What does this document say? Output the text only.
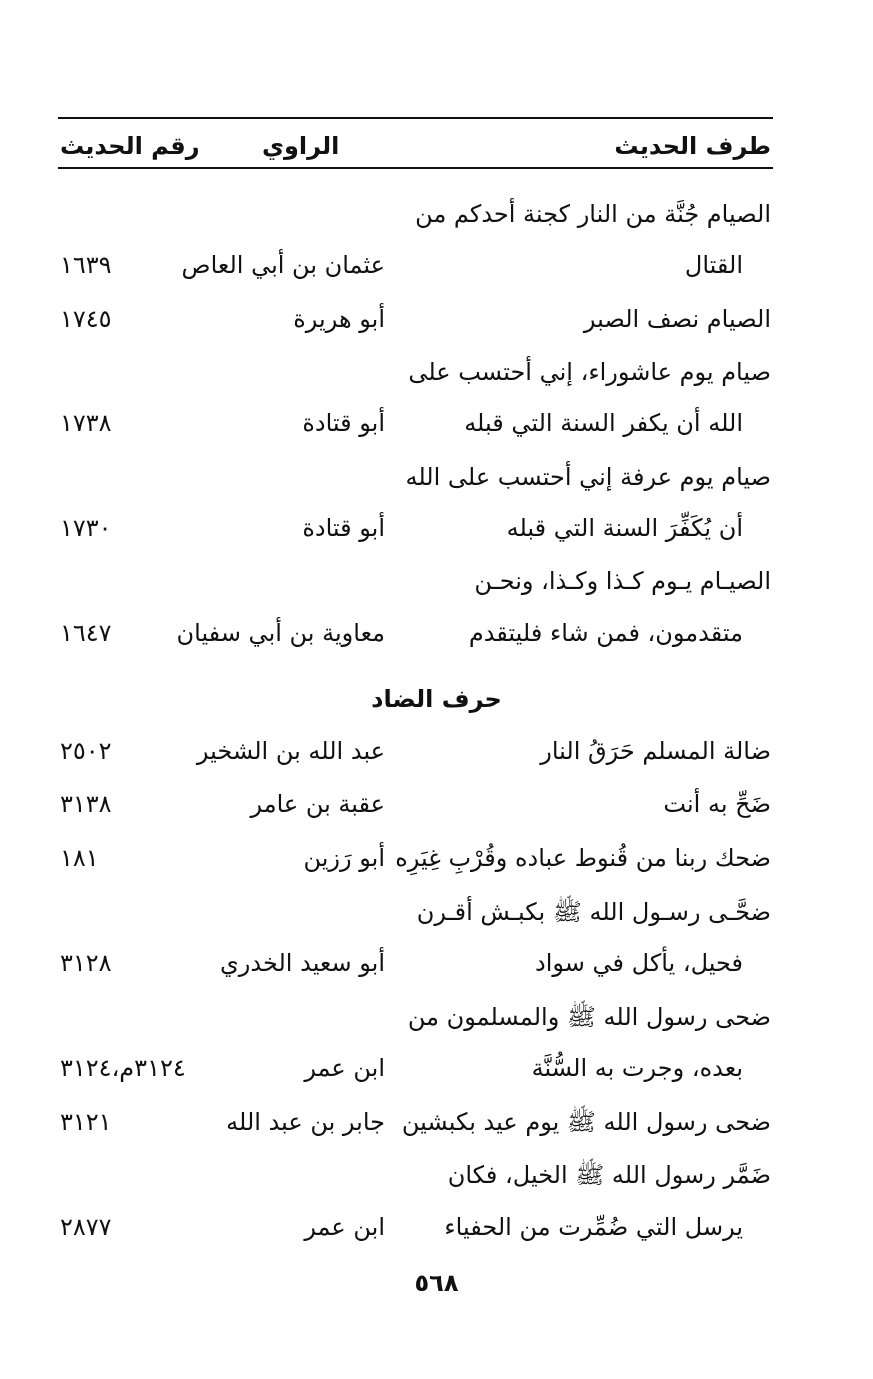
طرف الحديث
الراوي
رقم الحديث
الصيام جُنَّة من النار كجنة أحدكم من
القتال
عثمان بن أبي العاص
١٦٣٩
الصيام نصف الصبر
أبو هريرة
١٧٤٥
صيام يوم عاشوراء، إني أحتسب على
الله أن يكفر السنة التي قبله
أبو قتادة
١٧٣٨
صيام يوم عرفة إني أحتسب على الله
أن يُكَفِّرَ السنة التي قبله
أبو قتادة
١٧٣٠
الصيـام يـوم كـذا وكـذا، ونحـن
متقدمون، فمن شاء فليتقدم
معاوية بن أبي سفيان
١٦٤٧
حرف الضاد
ضالة المسلم حَرَقُ النار
عبد الله بن الشخير
٢٥٠٢
ضَحِّ به أنت
عقبة بن عامر
٣١٣٨
ضحك ربنا من قُنوط عباده وقُرْبِ غِيَرِه
أبو رَزين
١٨١
ضحَّـى رسـول الله ﷺ بكبـش أقـرن
فحيل، يأكل في سواد
أبو سعيد الخدري
٣١٢٨
ضحى رسول الله ﷺ والمسلمون من
بعده، وجرت به السُّنَّة
ابن عمر
٣١٢٤م،٣١٢٤
ضحى رسول الله ﷺ يوم عيد بكبشين
جابر بن عبد الله
٣١٢١
ضَمَّر رسول الله ﷺ الخيل، فكان
يرسل التي ضُمِّرت من الحفياء
ابن عمر
٢٨٧٧
٥٦٨
